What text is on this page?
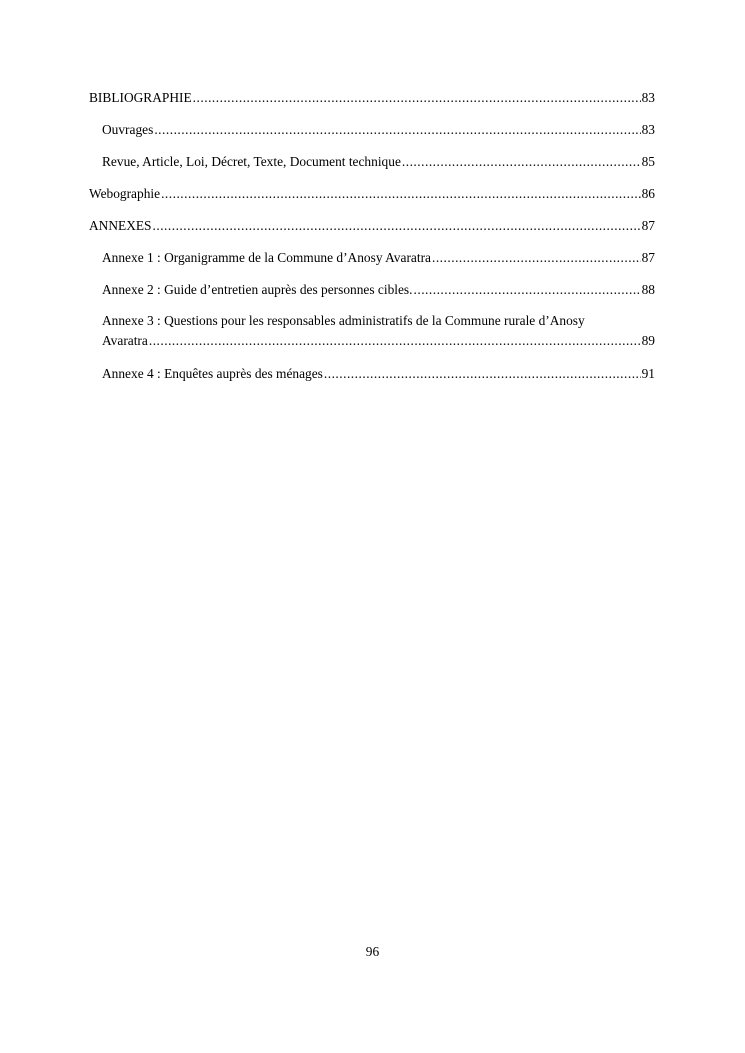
BIBLIOGRAPHIE .....	83
Ouvrages .....	83
Revue, Article, Loi, Décret, Texte, Document technique .....	85
Webographie .....	86
ANNEXES .....	87
Annexe 1 : Organigramme de la Commune d’Anosy Avaratra .....	87
Annexe 2 : Guide d’entretien auprès des personnes cibles. .....	88
Annexe 3 : Questions pour les responsables administratifs de la Commune rurale d’Anosy
Avaratra .....	89
Annexe 4 : Enquêtes auprès des ménages .....	91
96
